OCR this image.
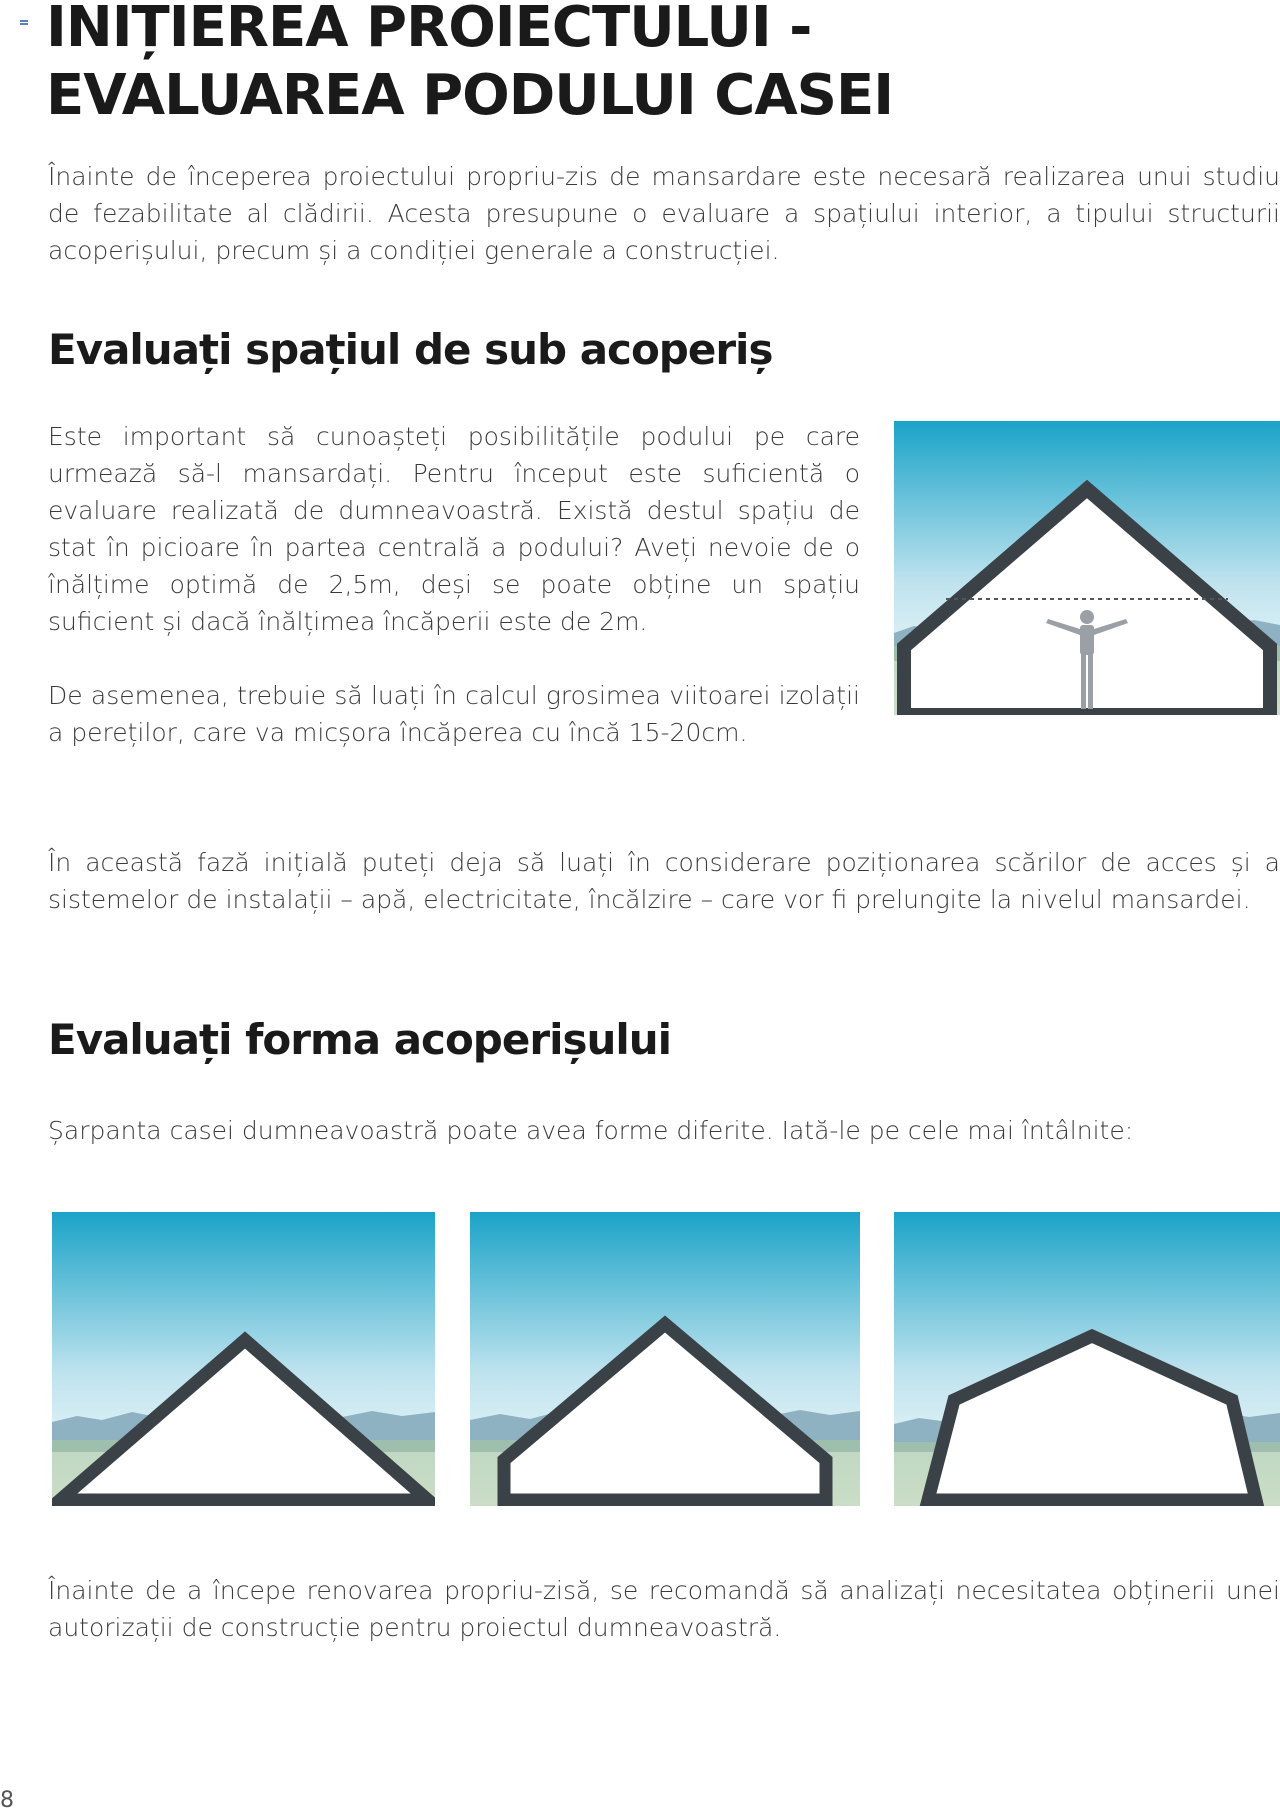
INIȚIEREA PROIECTULUI -
EVALUAREA PODULUI CASEI

Înainte de începerea proiectului propriu-zis de mansardare este necesară realizarea unui studiu de fezabilitate al clădirii. Acesta presupune o evaluare a spațiului interior, a tipului structurii acoperișului, precum și a condiției generale a construcției.

Evaluați spațiul de sub acoperiș

Este important să cunoașteți posibilitățile podului pe care urmează să-l mansardați. Pentru început este suficientă o evaluare realizată de dumneavoastră. Există destul spațiu de stat în picioare în partea centrală a podului? Aveți nevoie de o înălțime optimă de 2,5m, deși se poate obține un spațiu suficient și dacă înălțimea încăperii este de 2m.

De asemenea, trebuie să luați în calcul grosimea viitoarei izolații a pereților, care va micșora încăperea cu încă 15-20cm.

În această fază inițială puteți deja să luați în considerare poziționarea scărilor de acces și a sistemelor de instalații – apă, electricitate, încălzire – care vor fi prelungite la nivelul mansardei.

Evaluați forma acoperișului

Șarpanta casei dumneavoastră poate avea forme diferite. Iată-le pe cele mai întâlnite:

Înainte de a începe renovarea propriu-zisă, se recomandă să analizați necesitatea obținerii unei autorizații de construcție pentru proiectul dumneavoastră.

8
